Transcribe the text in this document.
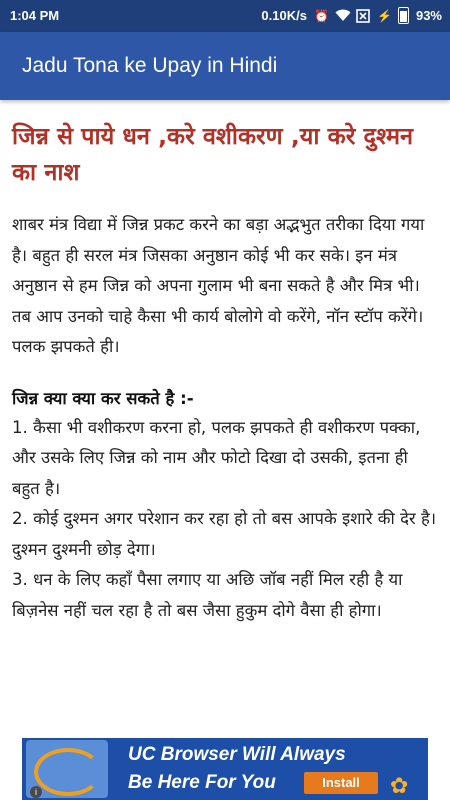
1:04 PM	0.10K/s ⏰	⚡ 93%
Jadu Tona ke Upay in Hindi
जिन्न से पाये धन ,करे वशीकरण ,या करे दुश्मन का नाश
शाबर मंत्र विद्या में जिन्न प्रकट करने का बड़ा अद्भभुत तरीका दिया गया है। बहुत ही सरल मंत्र जिसका अनुष्ठान कोई भी कर सके। इन मंत्र अनुष्ठान से हम जिन्न को अपना गुलाम भी बना सकते है और मित्र भी। तब आप उनको चाहे कैसा भी कार्य बोलोगे वो करेंगे, नॉन स्टॉप करेंगे। पलक झपकते ही।
जिन्न क्या क्या कर सकते है :-
1. कैसा भी वशीकरण करना हो, पलक झपकते ही वशीकरण पक्का, और उसके लिए जिन्न को नाम और फोटो दिखा दो उसकी, इतना ही बहुत है।
2. कोई दुश्मन अगर परेशान कर रहा हो तो बस आपके इशारे की देर है। दुश्मन दुश्मनी छोड़ देगा।
3. धन के लिए कहाँ पैसा लगाए या अछि जॉब नहीं मिल रही है या बिज़नेस नहीं चल रहा है तो बस जैसा हुकुम दोगे वैसा ही होगा।
UC Browser Will Always
Be Here For You	Install	✿
i
